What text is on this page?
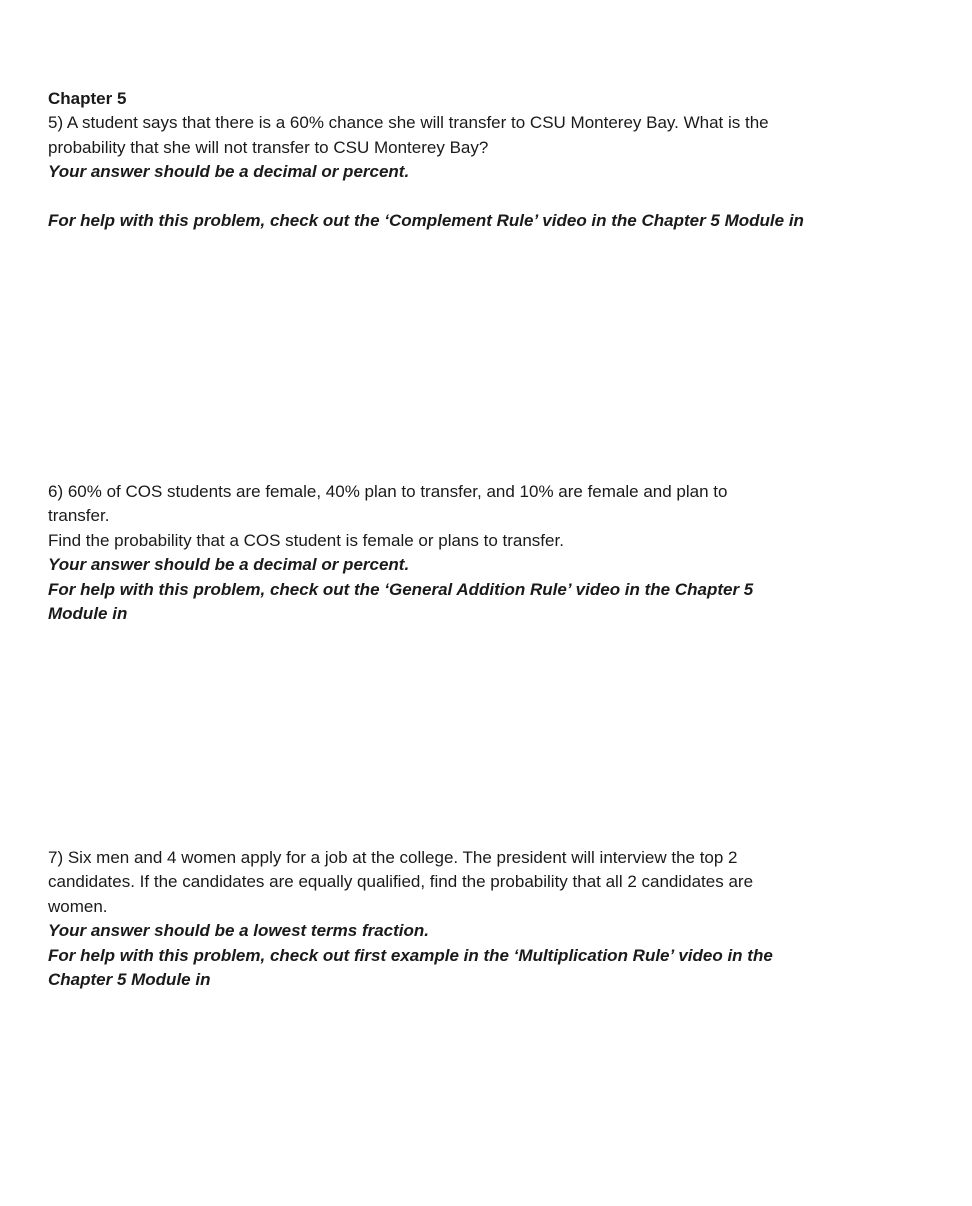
Chapter 5

5) A student says that there is a 60% chance she will transfer to CSU Monterey Bay. What is the

probability that she will not transfer to CSU Monterey Bay?

Your answer should be a decimal or percent.

For help with this problem, check out the ‘Complement Rule’ video in the Chapter 5 Module in

6) 60% of COS students are female, 40% plan to transfer, and 10% are female and plan to

transfer.

Find the probability that a COS student is female or plans to transfer.

Your answer should be a decimal or percent.

For help with this problem, check out the ‘General Addition Rule’ video in the Chapter 5

Module in

7) Six men and 4 women apply for a job at the college. The president will interview the top 2

candidates. If the candidates are equally qualified, find the probability that all 2 candidates are

women.

Your answer should be a lowest terms fraction.

For help with this problem, check out first example in the ‘Multiplication Rule’ video in the

Chapter 5 Module in
